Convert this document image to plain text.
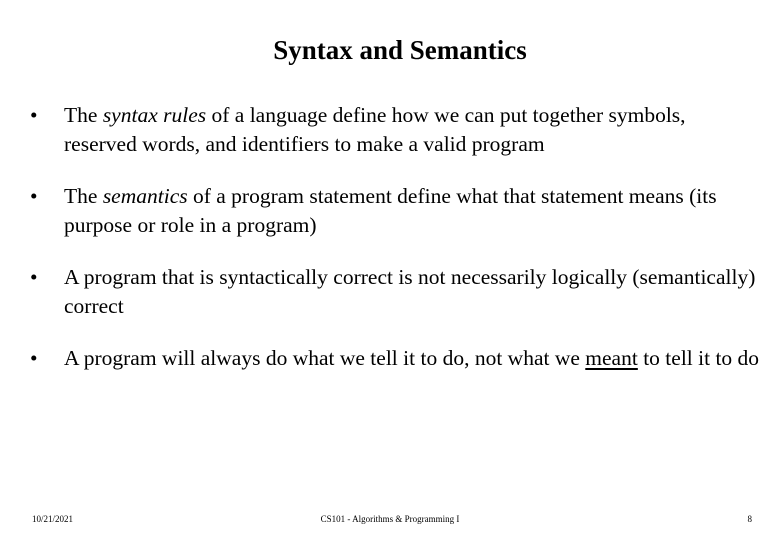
Syntax and Semantics
•	The syntax rules of a language define how we can put together symbols, reserved words, and identifiers to make a valid program
•	The semantics of a program statement define what that statement means (its purpose or role in a program)
•	A program that is syntactically correct is not necessarily logically (semantically) correct
•	A program will always do what we tell it to do, not what we meant to tell it to do
10/21/2021	CS101 - Algorithms & Programming I	8
